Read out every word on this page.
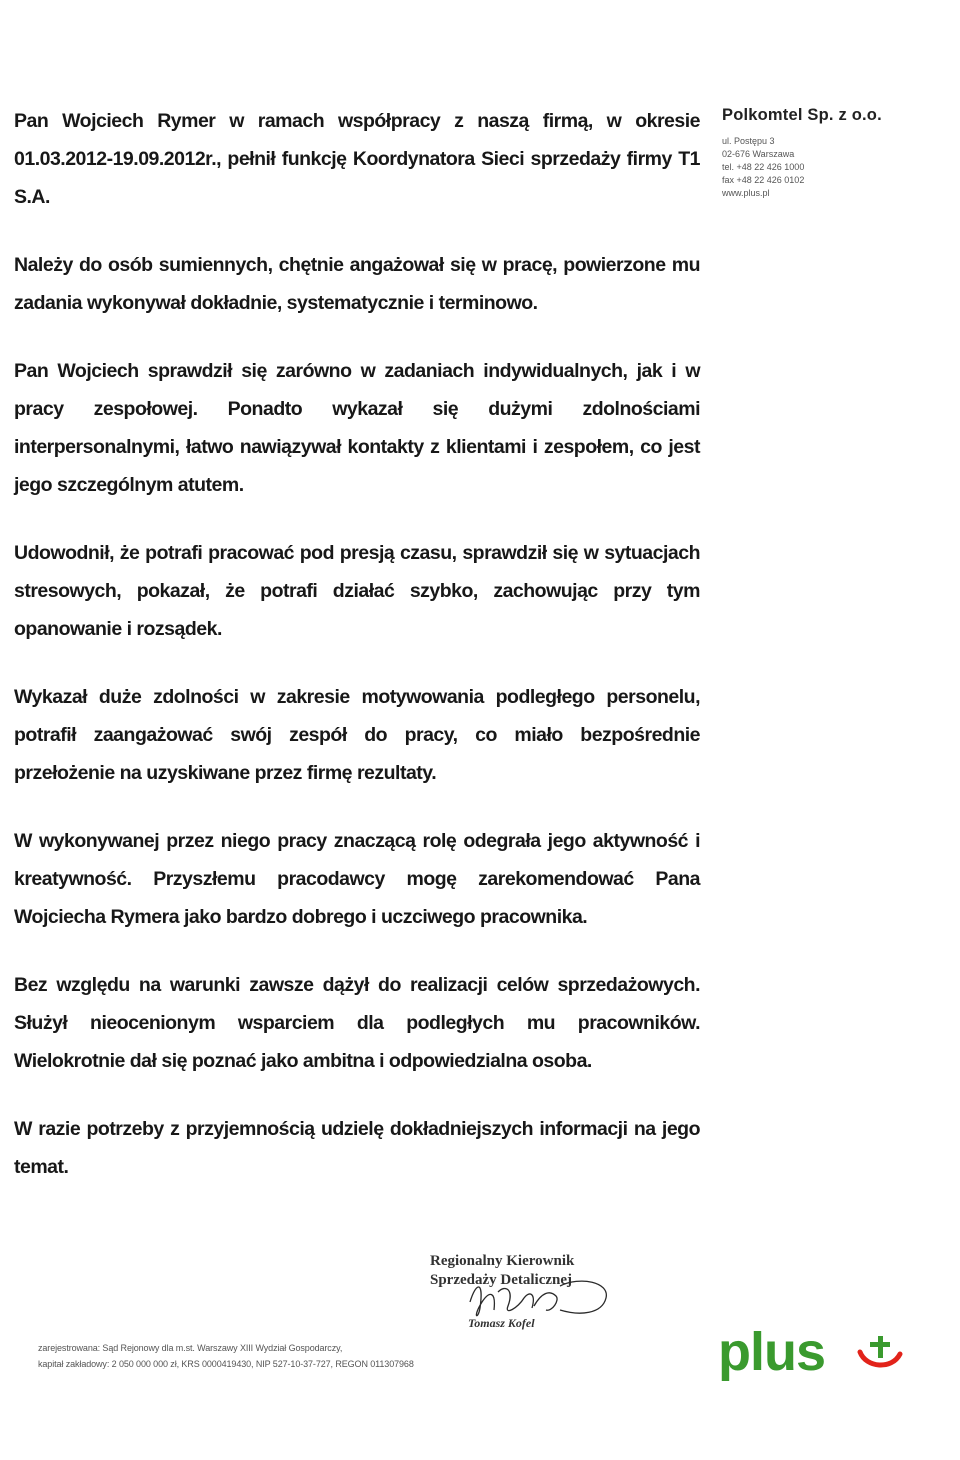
Polkomtel Sp. z o.o.
ul. Postępu 3
02-676 Warszawa
tel. +48 22 426 1000
fax +48 22 426 0102
www.plus.pl

Pan Wojciech Rymer w ramach współpracy z naszą firmą, w okresie 01.03.2012-19.09.2012r., pełnił funkcję Koordynatora Sieci sprzedaży firmy T1 S.A.

Należy do osób sumiennych, chętnie angażował się w pracę, powierzone mu zadania wykonywał dokładnie, systematycznie i terminowo.

Pan Wojciech sprawdził się zarówno w zadaniach indywidualnych, jak i w pracy zespołowej. Ponadto wykazał się dużymi zdolnościami interpersonalnymi, łatwo nawiązywał kontakty z klientami i zespołem, co jest jego szczególnym atutem.

Udowodnił, że potrafi pracować pod presją czasu, sprawdził się w sytuacjach stresowych, pokazał, że potrafi działać szybko, zachowując przy tym opanowanie i rozsądek.

Wykazał duże zdolności w zakresie motywowania podległego personelu, potrafił zaangażować swój zespół do pracy, co miało bezpośrednie przełożenie na uzyskiwane przez firmę rezultaty.

W wykonywanej przez niego pracy znaczącą rolę odegrała jego aktywność i kreatywność. Przyszłemu pracodawcy mogę zarekomendować Pana Wojciecha Rymera jako bardzo dobrego i uczciwego pracownika.

Bez względu na warunki zawsze dążył do realizacji celów sprzedażowych. Służył nieocenionym wsparciem dla podległych mu pracowników. Wielokrotnie dał się poznać jako ambitna i odpowiedzialna osoba.

W razie potrzeby z przyjemnością udzielę dokładniejszych informacji na jego temat.

Regionalny Kierownik
Sprzedaży Detalicznej
Tomasz Kofel
zarejestrowana: Sąd Rejonowy dla m.st. Warszawy XIII Wydział Gospodarczy,
kapitał zakładowy: 2 050 000 000 zł, KRS 0000419430, NIP 527-10-37-727, REGON 011307968	plus
